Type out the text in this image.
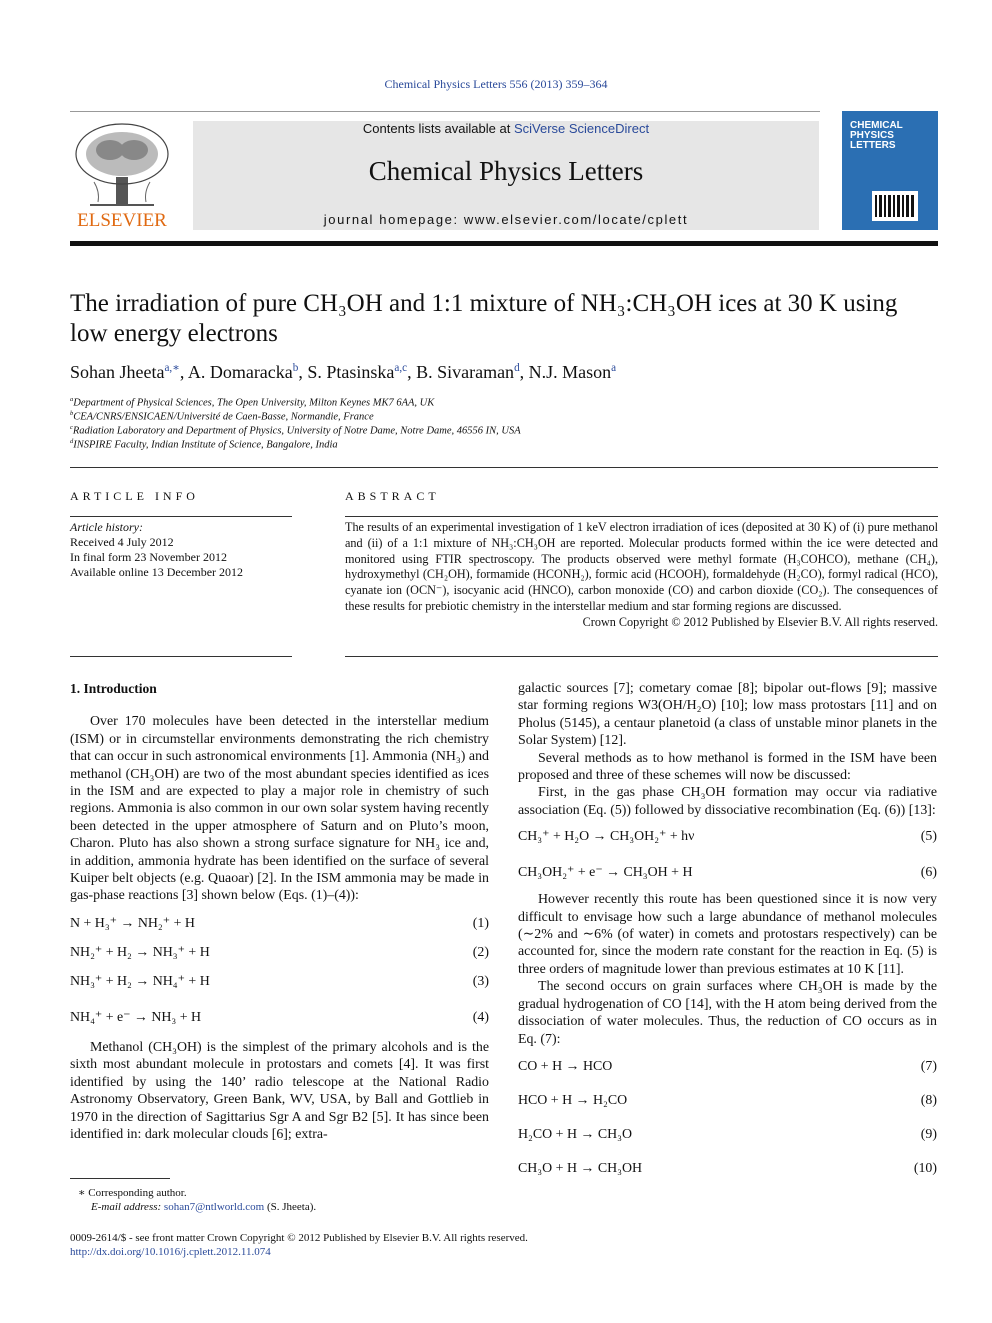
Chemical Physics Letters 556 (2013) 359–364
ELSEVIER
Contents lists available at SciVerse ScienceDirect
Chemical Physics Letters
journal homepage: www.elsevier.com/locate/cplett
CHEMICAL
PHYSICS
LETTERS
The irradiation of pure CH₃OH and 1:1 mixture of NH₃:CH₃OH ices at 30 K using low energy electrons
Sohan Jheeta$^{a,∗}$, A. Domaracka$^b$, S. Ptasinska$^{a,c}$, B. Sivaraman$^d$, N.J. Mason$^a$
$^a$Department of Physical Sciences, The Open University, Milton Keynes MK7 6AA, UK
$^b$CEA/CNRS/ENSICAEN/Université de Caen-Basse, Normandie, France
$^c$Radiation Laboratory and Department of Physics, University of Notre Dame, Notre Dame, 46556 IN, USA
$^d$INSPIRE Faculty, Indian Institute of Science, Bangalore, India
ARTICLE INFO
Article history:
Received 4 July 2012
In final form 23 November 2012
Available online 13 December 2012
ABSTRACT
The results of an experimental investigation of 1 keV electron irradiation of ices (deposited at 30 K) of (i) pure methanol and (ii) of a 1:1 mixture of NH₃:CH₃OH are reported. Molecular products formed within the ice were detected and monitored using FTIR spectroscopy. The products observed were methyl formate (H₃COHCO), methane (CH₄), hydroxymethyl (CH₂OH), formamide (HCONH₂), formic acid (HCOOH), formaldehyde (H₂CO), formyl radical (HCO), cyanate ion (OCN⁻), isocyanic acid (HNCO), carbon monoxide (CO) and carbon dioxide (CO₂). The consequences of these results for prebiotic chemistry in the interstellar medium and star forming regions are discussed.
Crown Copyright © 2012 Published by Elsevier B.V. All rights reserved.
1. Introduction

Over 170 molecules have been detected in the interstellar medium (ISM) or in circumstellar environments demonstrating the rich chemistry that can occur in such astronomical environments [1]. Ammonia (NH₃) and methanol (CH₃OH) are two of the most abundant species identified as ices in the ISM and are expected to play a major role in chemistry of such regions. Ammonia is also common in our own solar system having recently been detected in the upper atmosphere of Saturn and on Pluto’s moon, Charon. Pluto has also shown a strong surface signature for NH₃ ice and, in addition, ammonia hydrate has been identified on the surface of several Kuiper belt objects (e.g. Quaoar) [2]. In the ISM ammonia may be made in gas-phase reactions [3] shown below (Eqs. (1)–(4)):

N + H₃⁺ → NH₂⁺ + H	(1)
NH₂⁺ + H₂ → NH₃⁺ + H	(2)
NH₃⁺ + H₂ → NH₄⁺ + H	(3)
NH₄⁺ + e⁻ → NH₃ + H	(4)

Methanol (CH₃OH) is the simplest of the primary alcohols and is the sixth most abundant molecule in protostars and comets [4]. It was first identified by using the 140’ radio telescope at the National Radio Astronomy Observatory, Green Bank, WV, USA, by Ball and Gottlieb in 1970 in the direction of Sagittarius Sgr A and Sgr B2 [5]. It has since been identified in: dark molecular clouds [6]; extra-

∗ Corresponding author.
E-mail address: sohan7@ntlworld.com (S. Jheeta).

galactic sources [7]; cometary comae [8]; bipolar out-flows [9]; massive star forming regions W3(OH/H₂O) [10]; low mass protostars [11] and on Pholus (5145), a centaur planetoid (a class of unstable minor planets in the Solar System) [12].

Several methods as to how methanol is formed in the ISM have been proposed and three of these schemes will now be discussed:

First, in the gas phase CH₃OH formation may occur via radiative association (Eq. (5)) followed by dissociative recombination (Eq. (6)) [13]:

CH₃⁺ + H₂O → CH₃OH₂⁺ + hν	(5)
CH₃OH₂⁺ + e⁻ → CH₃OH + H	(6)

However recently this route has been questioned since it is now very difficult to envisage how such a large abundance of methanol molecules (∼2% and ∼6% (of water) in comets and protostars respectively) can be accounted for, since the modern rate constant for the reaction in Eq. (5) is three orders of magnitude lower than previous estimates at 10 K [11].

The second occurs on grain surfaces where CH₃OH is made by the gradual hydrogenation of CO [14], with the H atom being derived from the dissociation of water molecules. Thus, the reduction of CO occurs as in Eq. (7):

CO + H → HCO	(7)
HCO + H → H₂CO	(8)
H₂CO + H → CH₃O	(9)
CH₃O + H → CH₃OH	(10)
0009-2614/$ - see front matter Crown Copyright © 2012 Published by Elsevier B.V. All rights reserved.
http://dx.doi.org/10.1016/j.cplett.2012.11.074
